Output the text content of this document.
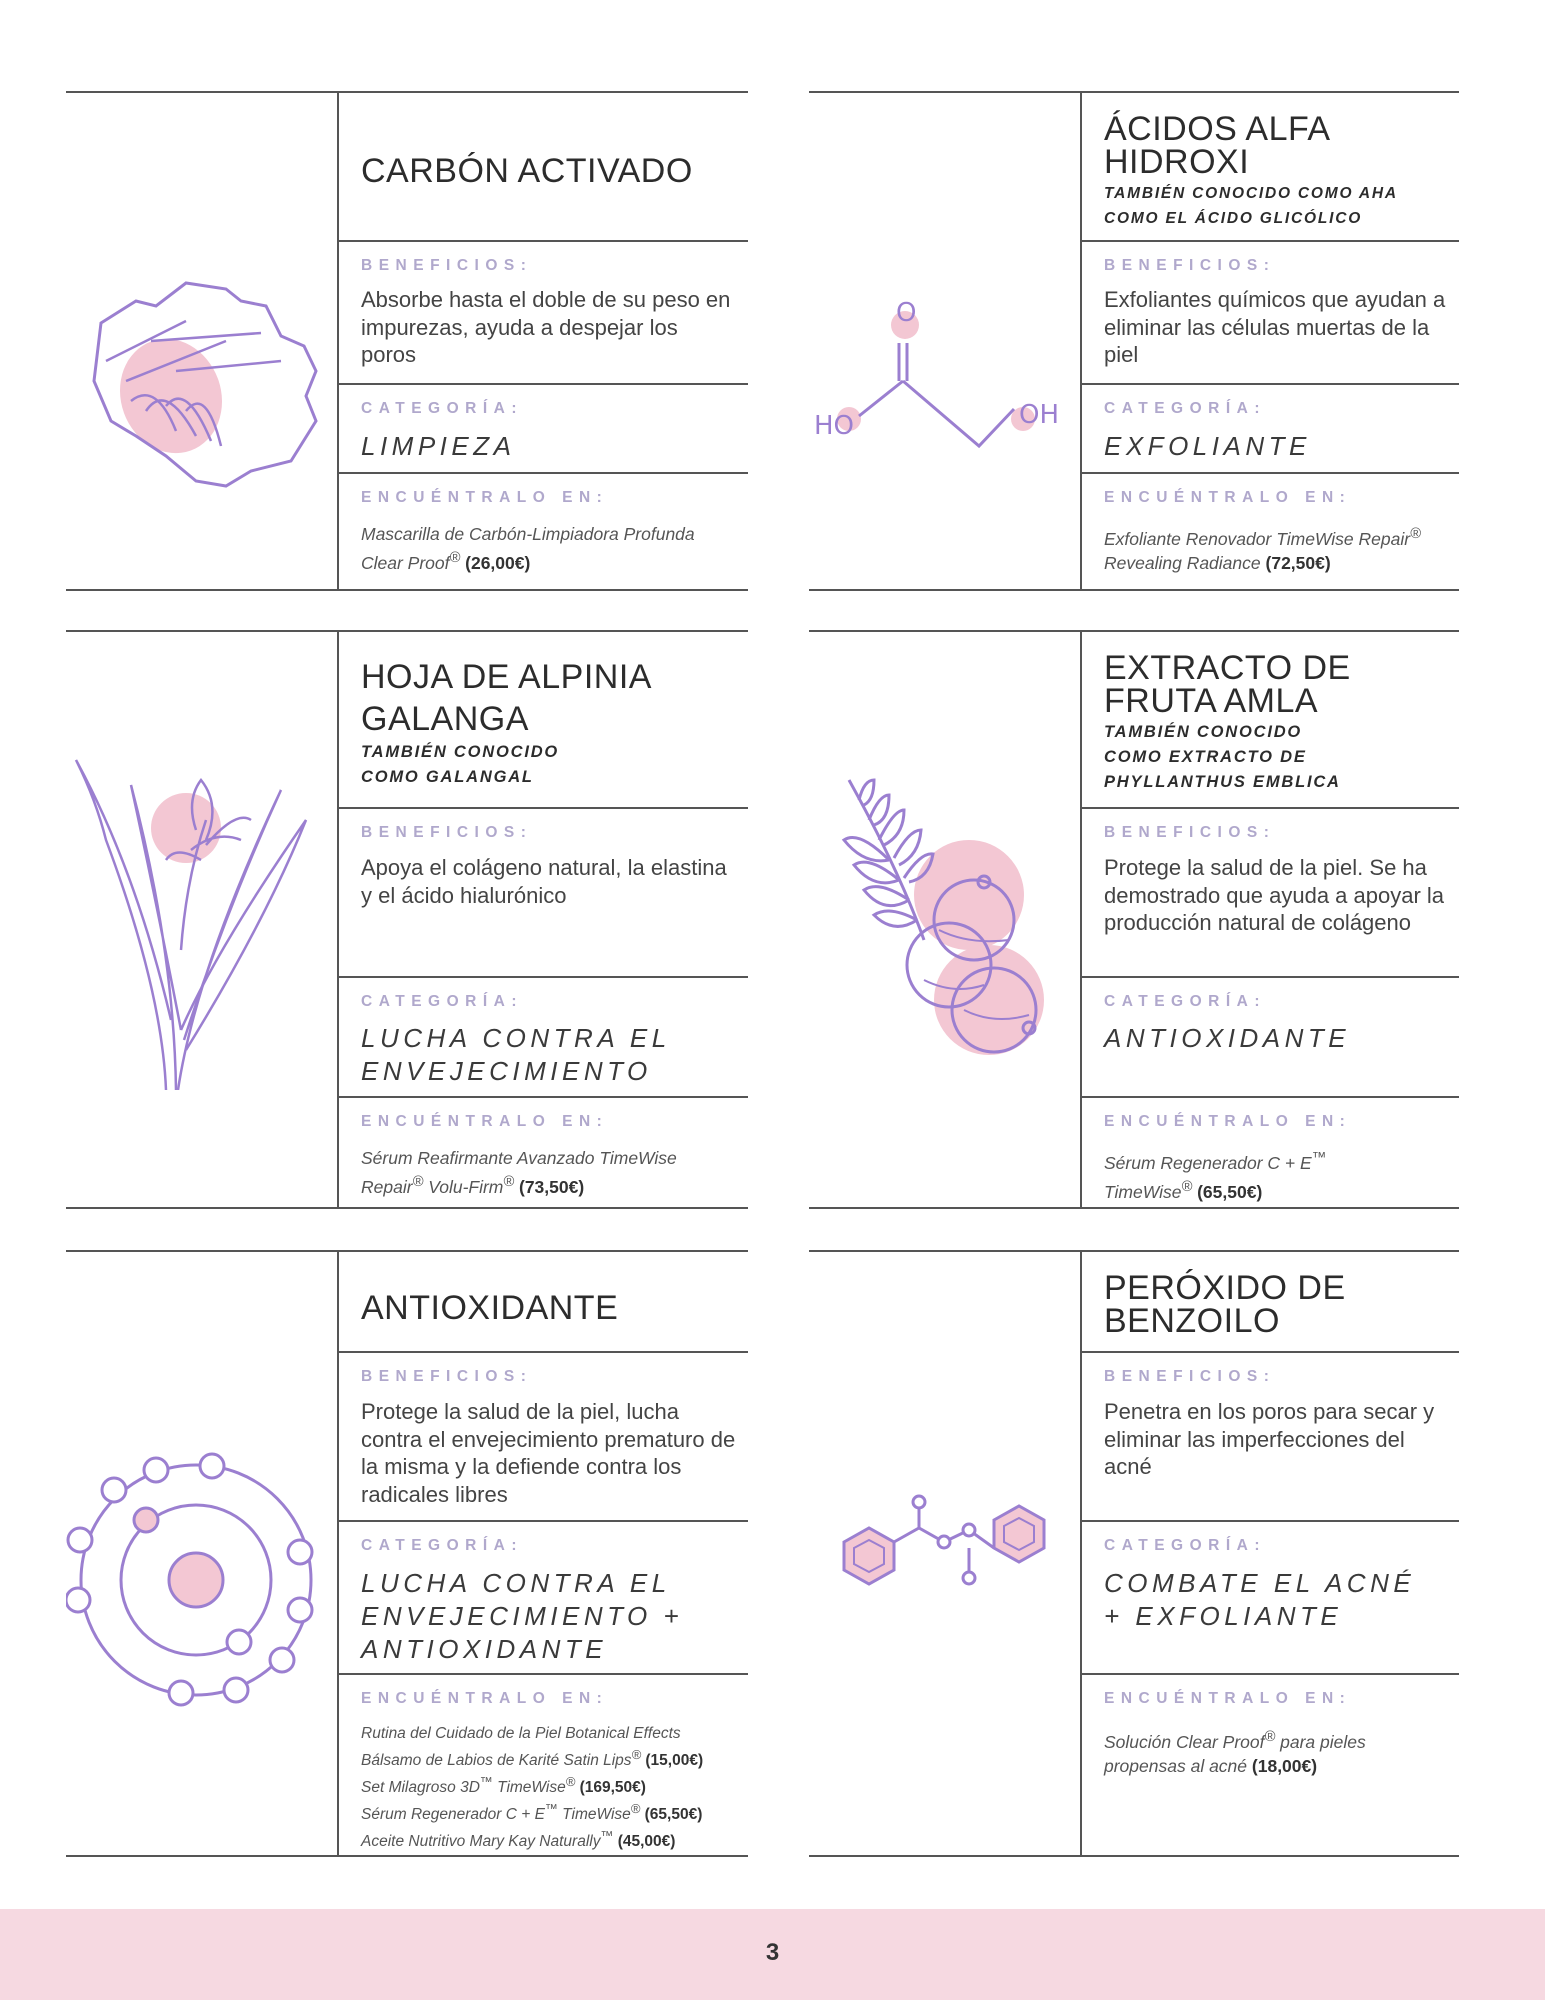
CARBÓN ACTIVADO
BENEFICIOS:
Absorbe hasta el doble de su peso en impurezas, ayuda a despejar los poros
CATEGORÍA:
LIMPIEZA
ENCUÉNTRALO EN:
Mascarilla de Carbón-Limpiadora Profunda Clear Proof® (26,00€)
O
HO	OH
ÁCIDOS ALFA HIDROXI
TAMBIÉN CONOCIDO COMO AHA COMO EL ÁCIDO GLICÓLICO
BENEFICIOS:
Exfoliantes químicos que ayudan a eliminar las células muertas de la piel
CATEGORÍA:
EXFOLIANTE
ENCUÉNTRALO EN:
Exfoliante Renovador TimeWise Repair® Revealing Radiance (72,50€)
HOJA DE ALPINIA GALANGA
TAMBIÉN CONOCIDO COMO GALANGAL
BENEFICIOS:
Apoya el colágeno natural, la elastina y el ácido hialurónico
CATEGORÍA:
LUCHA CONTRA EL ENVEJECIMIENTO
ENCUÉNTRALO EN:
Sérum Reafirmante Avanzado TimeWise Repair® Volu-Firm® (73,50€)
EXTRACTO DE FRUTA AMLA
TAMBIÉN CONOCIDO COMO EXTRACTO DE PHYLLANTHUS EMBLICA
BENEFICIOS:
Protege la salud de la piel. Se ha demostrado que ayuda a apoyar la producción natural de colágeno
CATEGORÍA:
ANTIOXIDANTE
ENCUÉNTRALO EN:
Sérum Regenerador C + E™ TimeWise® (65,50€)
ANTIOXIDANTE
BENEFICIOS:
Protege la salud de la piel, lucha contra el envejecimiento prematuro de la misma y la defiende contra los radicales libres
CATEGORÍA:
LUCHA CONTRA EL ENVEJECIMIENTO + ANTIOXIDANTE
ENCUÉNTRALO EN:
Rutina del Cuidado de la Piel Botanical Effects
Bálsamo de Labios de Karité Satin Lips® (15,00€)
Set Milagroso 3D™ TimeWise® (169,50€)
Sérum Regenerador C + E™ TimeWise® (65,50€)
Aceite Nutritivo Mary Kay Naturally™ (45,00€)
PERÓXIDO DE BENZOILO
BENEFICIOS:
Penetra en los poros para secar y eliminar las imperfecciones del acné
CATEGORÍA:
COMBATE EL ACNÉ + EXFOLIANTE
ENCUÉNTRALO EN:
Solución Clear Proof® para pieles propensas al acné (18,00€)
3
